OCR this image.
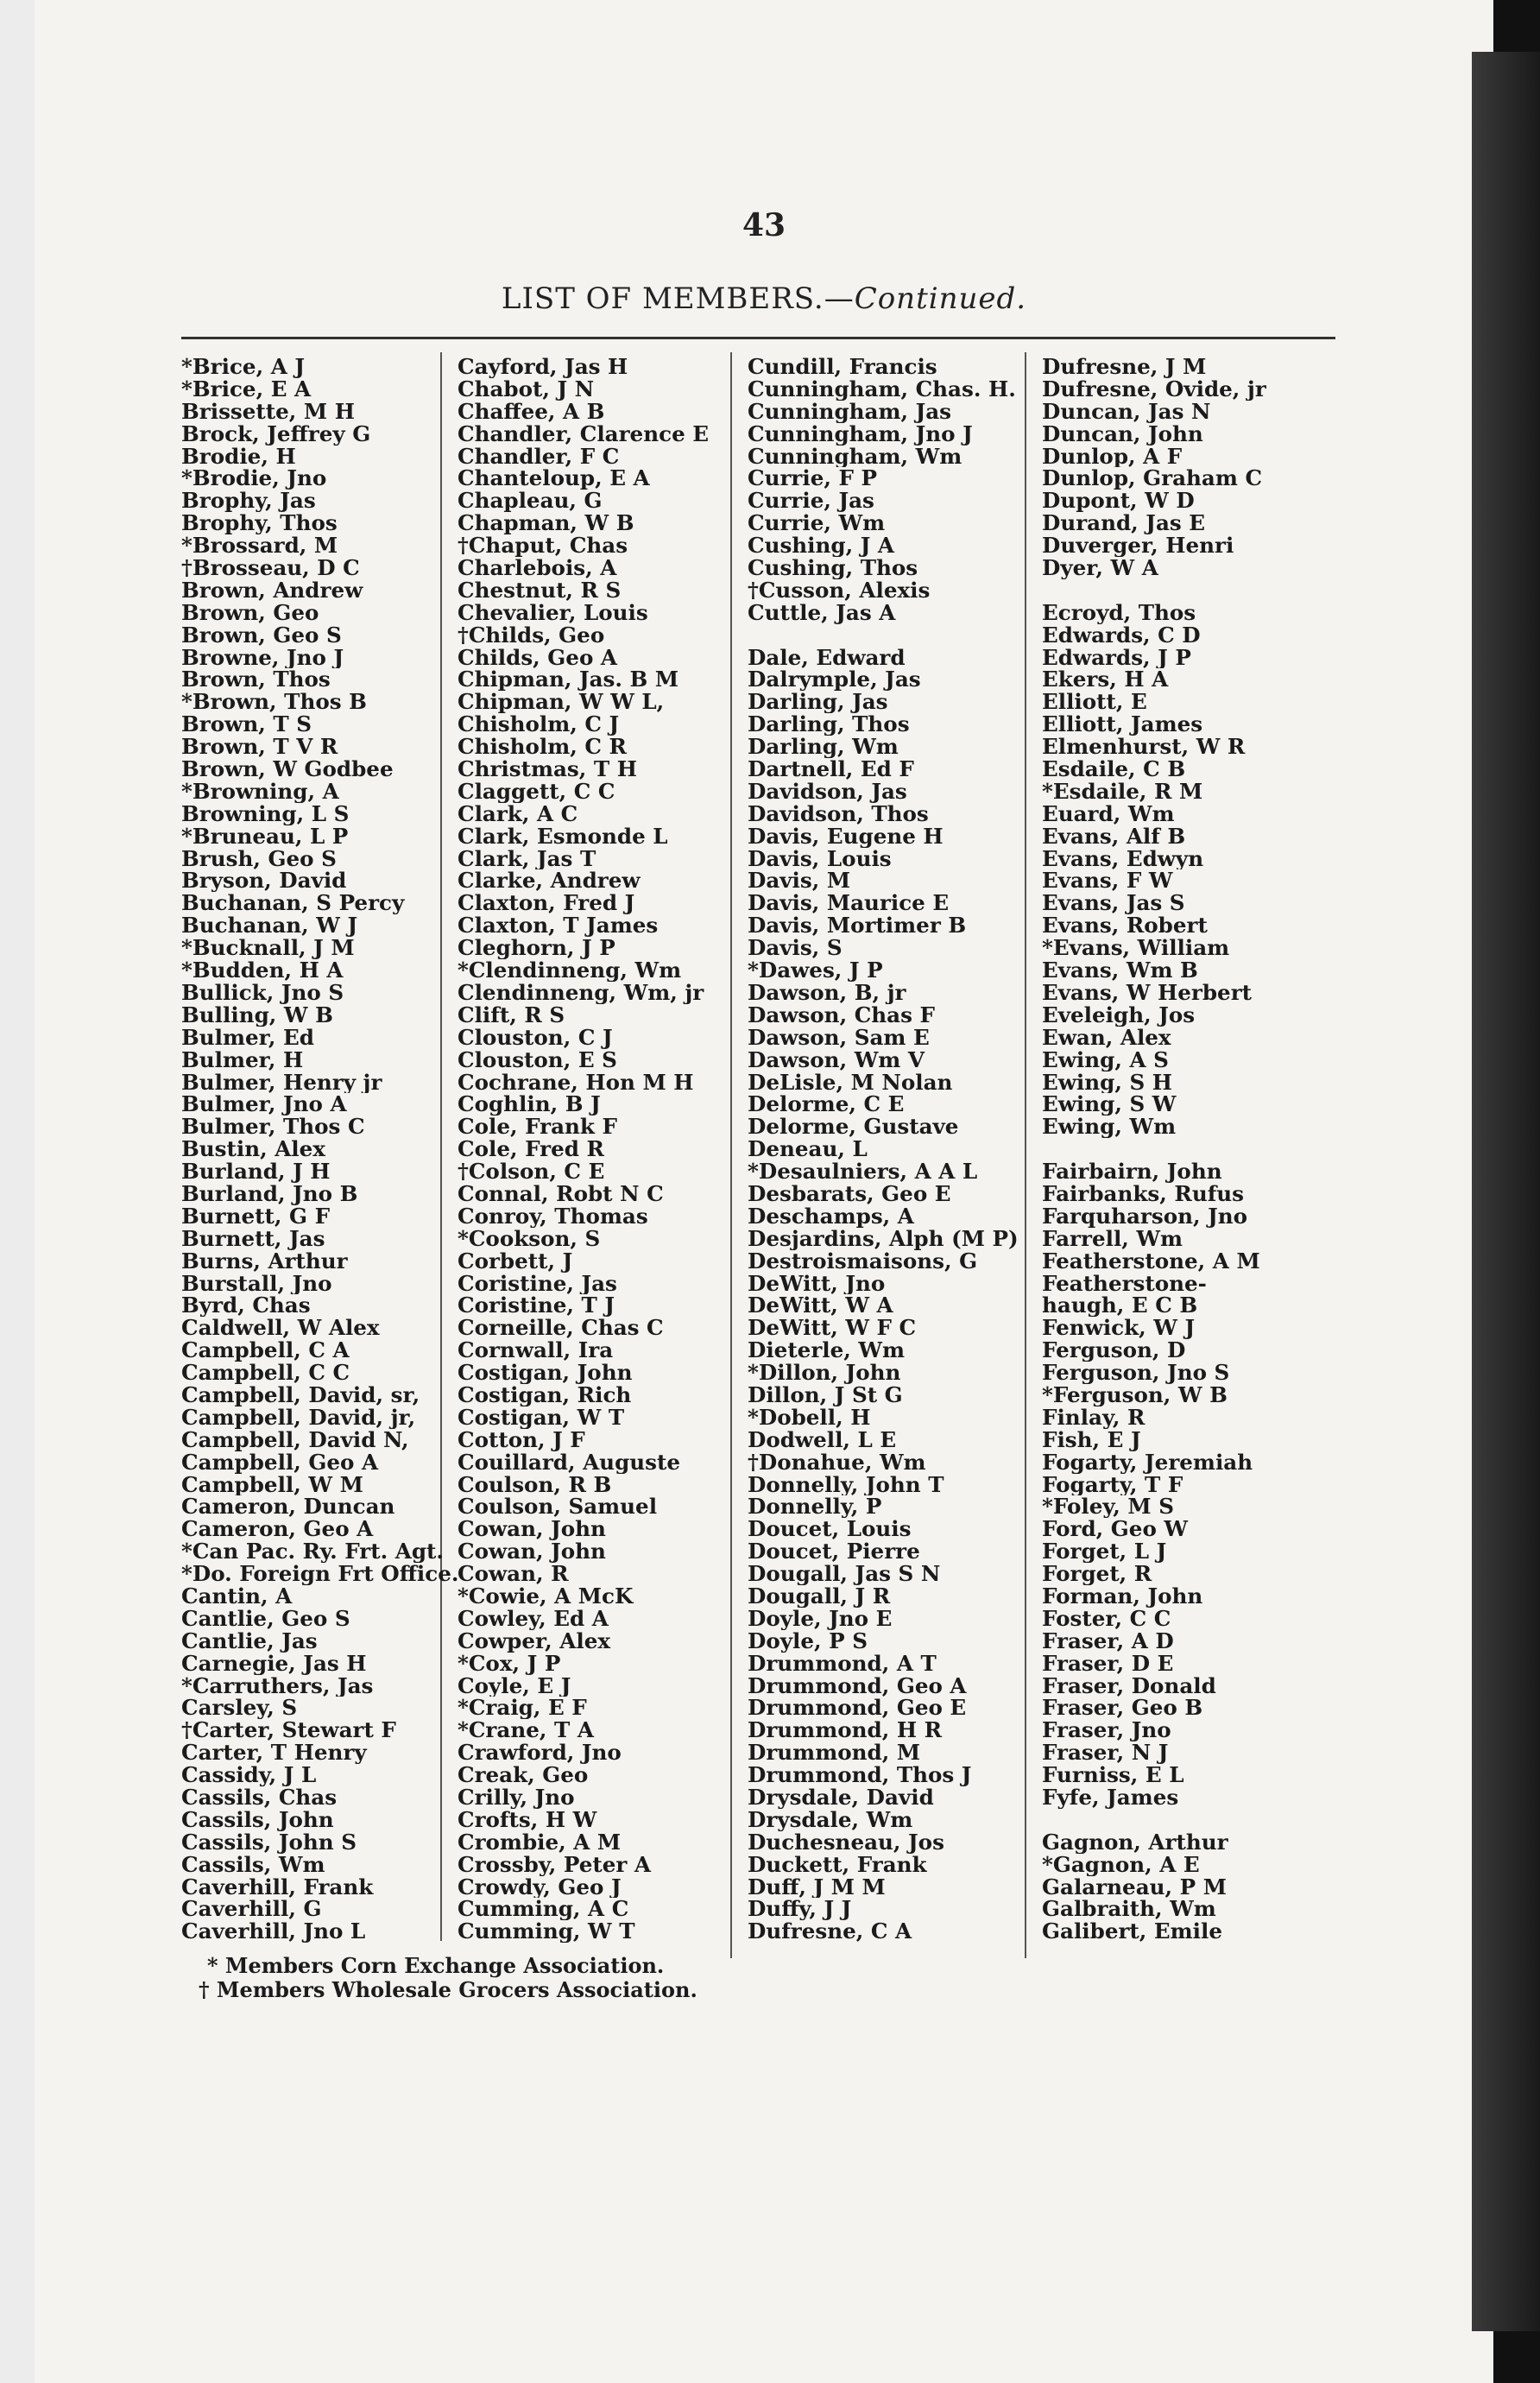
43
LIST OF MEMBERS.—Continued.
*Brice, A J
*Brice, E A
Brissette, M H
Brock, Jeffrey G
Brodie, H
*Brodie, Jno
Brophy, Jas
Brophy, Thos
*Brossard, M
†Brosseau, D C
Brown, Andrew
Brown, Geo
Brown, Geo S
Browne, Jno J
Brown, Thos
*Brown, Thos B
Brown, T S
Brown, T V R
Brown, W Godbee
*Browning, A
Browning, L S
*Bruneau, L P
Brush, Geo S
Bryson, David
Buchanan, S Percy
Buchanan, W J
*Bucknall, J M
*Budden, H A
Bullick, Jno S
Bulling, W B
Bulmer, Ed
Bulmer, H
Bulmer, Henry jr
Bulmer, Jno A
Bulmer, Thos C
Bustin, Alex
Burland, J H
Burland, Jno B
Burnett, G F
Burnett, Jas
Burns, Arthur
Burstall, Jno
Byrd, Chas
Caldwell, W Alex
Campbell, C A
Campbell, C C
Campbell, David, sr,
Campbell, David, jr,
Campbell, David N,
Campbell, Geo A
Campbell, W M
Cameron, Duncan
Cameron, Geo A
*Can Pac. Ry. Frt. Agt.
*Do. Foreign Frt Office.
Cantin, A
Cantlie, Geo S
Cantlie, Jas
Carnegie, Jas H
*Carruthers, Jas
Carsley, S
†Carter, Stewart F
Carter, T Henry
Cassidy, J L
Cassils, Chas
Cassils, John
Cassils, John S
Cassils, Wm
Caverhill, Frank
Caverhill, G
Caverhill, Jno L
Cayford, Jas H
Chabot, J N
Chaffee, A B
Chandler, Clarence E
Chandler, F C
Chanteloup, E A
Chapleau, G
Chapman, W B
†Chaput, Chas
Charlebois, A
Chestnut, R S
Chevalier, Louis
†Childs, Geo
Childs, Geo A
Chipman, Jas. B M
Chipman, W W L,
Chisholm, C J
Chisholm, C R
Christmas, T H
Claggett, C C
Clark, A C
Clark, Esmonde L
Clark, Jas T
Clarke, Andrew
Claxton, Fred J
Claxton, T James
Cleghorn, J P
*Clendinneng, Wm
Clendinneng, Wm, jr
Clift, R S
Clouston, C J
Clouston, E S
Cochrane, Hon M H
Coghlin, B J
Cole, Frank F
Cole, Fred R
†Colson, C E
Connal, Robt N C
Conroy, Thomas
*Cookson, S
Corbett, J
Coristine, Jas
Coristine, T J
Corneille, Chas C
Cornwall, Ira
Costigan, John
Costigan, Rich
Costigan, W T
Cotton, J F
Couillard, Auguste
Coulson, R B
Coulson, Samuel
Cowan, John
Cowan, John
Cowan, R
*Cowie, A McK
Cowley, Ed A
Cowper, Alex
*Cox, J P
Coyle, E J
*Craig, E F
*Crane, T A
Crawford, Jno
Creak, Geo
Crilly, Jno
Crofts, H W
Crombie, A M
Crossby, Peter A
Crowdy, Geo J
Cumming, A C
Cumming, W T
Cundill, Francis
Cunningham, Chas. H.
Cunningham, Jas
Cunningham, Jno J
Cunningham, Wm
Currie, F P
Currie, Jas
Currie, Wm
Cushing, J A
Cushing, Thos
†Cusson, Alexis
Cuttle, Jas A
Dale, Edward
Dalrymple, Jas
Darling, Jas
Darling, Thos
Darling, Wm
Dartnell, Ed F
Davidson, Jas
Davidson, Thos
Davis, Eugene H
Davis, Louis
Davis, M
Davis, Maurice E
Davis, Mortimer B
Davis, S
*Dawes, J P
Dawson, B, jr
Dawson, Chas F
Dawson, Sam E
Dawson, Wm V
DeLisle, M Nolan
Delorme, C E
Delorme, Gustave
Deneau, L
*Desaulniers, A A L
Desbarats, Geo E
Deschamps, A
Desjardins, Alph (M P)
Destroismaisons, G
DeWitt, Jno
DeWitt, W A
DeWitt, W F C
Dieterle, Wm
*Dillon, John
Dillon, J St G
*Dobell, H
Dodwell, L E
†Donahue, Wm
Donnelly, John T
Donnelly, P
Doucet, Louis
Doucet, Pierre
Dougall, Jas S N
Dougall, J R
Doyle, Jno E
Doyle, P S
Drummond, A T
Drummond, Geo A
Drummond, Geo E
Drummond, H R
Drummond, M
Drummond, Thos J
Drysdale, David
Drysdale, Wm
Duchesneau, Jos
Duckett, Frank
Duff, J M M
Duffy, J J
Dufresne, C A
Dufresne, J M
Dufresne, Ovide, jr
Duncan, Jas N
Duncan, John
Dunlop, A F
Dunlop, Graham C
Dupont, W D
Durand, Jas E
Duverger, Henri
Dyer, W A
Ecroyd, Thos
Edwards, C D
Edwards, J P
Ekers, H A
Elliott, E
Elliott, James
Elmenhurst, W R
Esdaile, C B
*Esdaile, R M
Euard, Wm
Evans, Alf B
Evans, Edwyn
Evans, F W
Evans, Jas S
Evans, Robert
*Evans, William
Evans, Wm B
Evans, W Herbert
Eveleigh, Jos
Ewan, Alex
Ewing, A S
Ewing, S H
Ewing, S W
Ewing, Wm
Fairbairn, John
Fairbanks, Rufus
Farquharson, Jno
Farrell, Wm
Featherstone, A M
Featherstone-
haugh, E C B
Fenwick, W J
Ferguson, D
Ferguson, Jno S
*Ferguson, W B
Finlay, R
Fish, E J
Fogarty, Jeremiah
Fogarty, T F
*Foley, M S
Ford, Geo W
Forget, L J
Forget, R
Forman, John
Foster, C C
Fraser, A D
Fraser, D E
Fraser, Donald
Fraser, Geo B
Fraser, Jno
Fraser, N J
Furniss, E L
Fyfe, James
Gagnon, Arthur
*Gagnon, A E
Galarneau, P M
Galbraith, Wm
Galibert, Emile
* Members Corn Exchange Association.
† Members Wholesale Grocers Association.
